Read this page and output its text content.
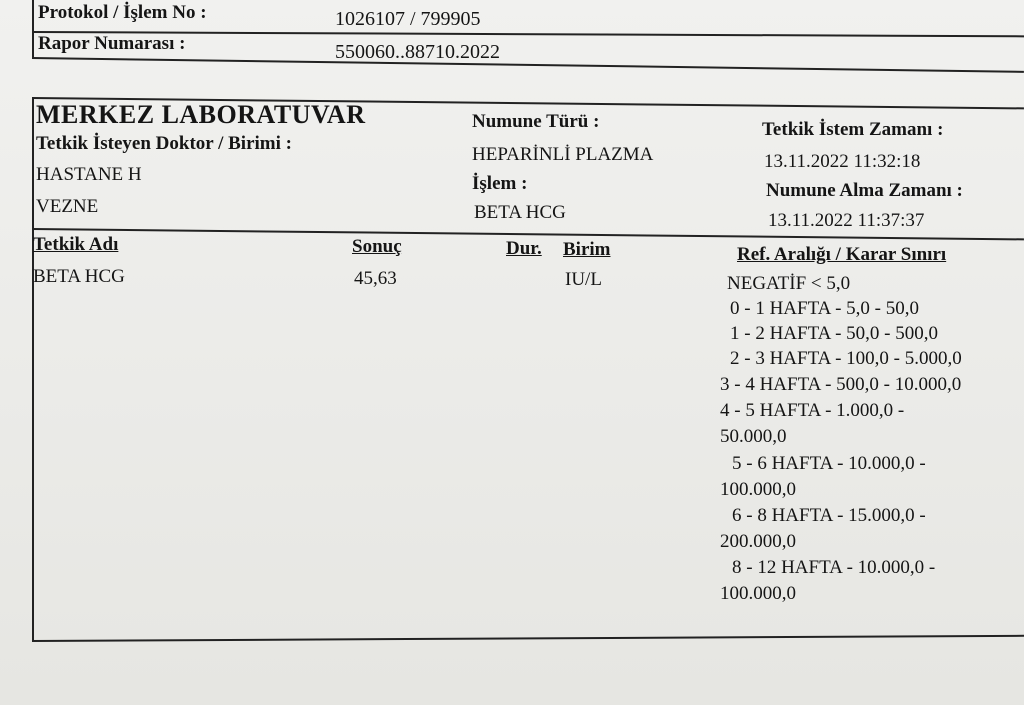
Protokol / İşlem No :	1026107 / 799905
Rapor Numarası :	550060..88710.2022
MERKEZ LABORATUVAR
Tetkik İsteyen Doktor / Birimi :
HASTANE H
VEZNE
Numune Türü :
HEPARİNLİ PLAZMA
İşlem :
BETA HCG
Tetkik İstem Zamanı :
13.11.2022 11:32:18
Numune Alma Zamanı :
13.11.2022 11:37:37
Tetkik Adı	Sonuç	Dur. Birim	Ref. Aralığı / Karar Sınırı
BETA HCG	45,63	IU/L	NEGATİF < 5,0
0 - 1 HAFTA - 5,0 - 50,0
1 - 2 HAFTA - 50,0 - 500,0
2 - 3 HAFTA - 100,0 - 5.000,0
3 - 4 HAFTA - 500,0 - 10.000,0
4 - 5 HAFTA - 1.000,0 -
50.000,0
5 - 6 HAFTA - 10.000,0 -
100.000,0
6 - 8 HAFTA - 15.000,0 -
200.000,0
8 - 12 HAFTA - 10.000,0 -
100.000,0
